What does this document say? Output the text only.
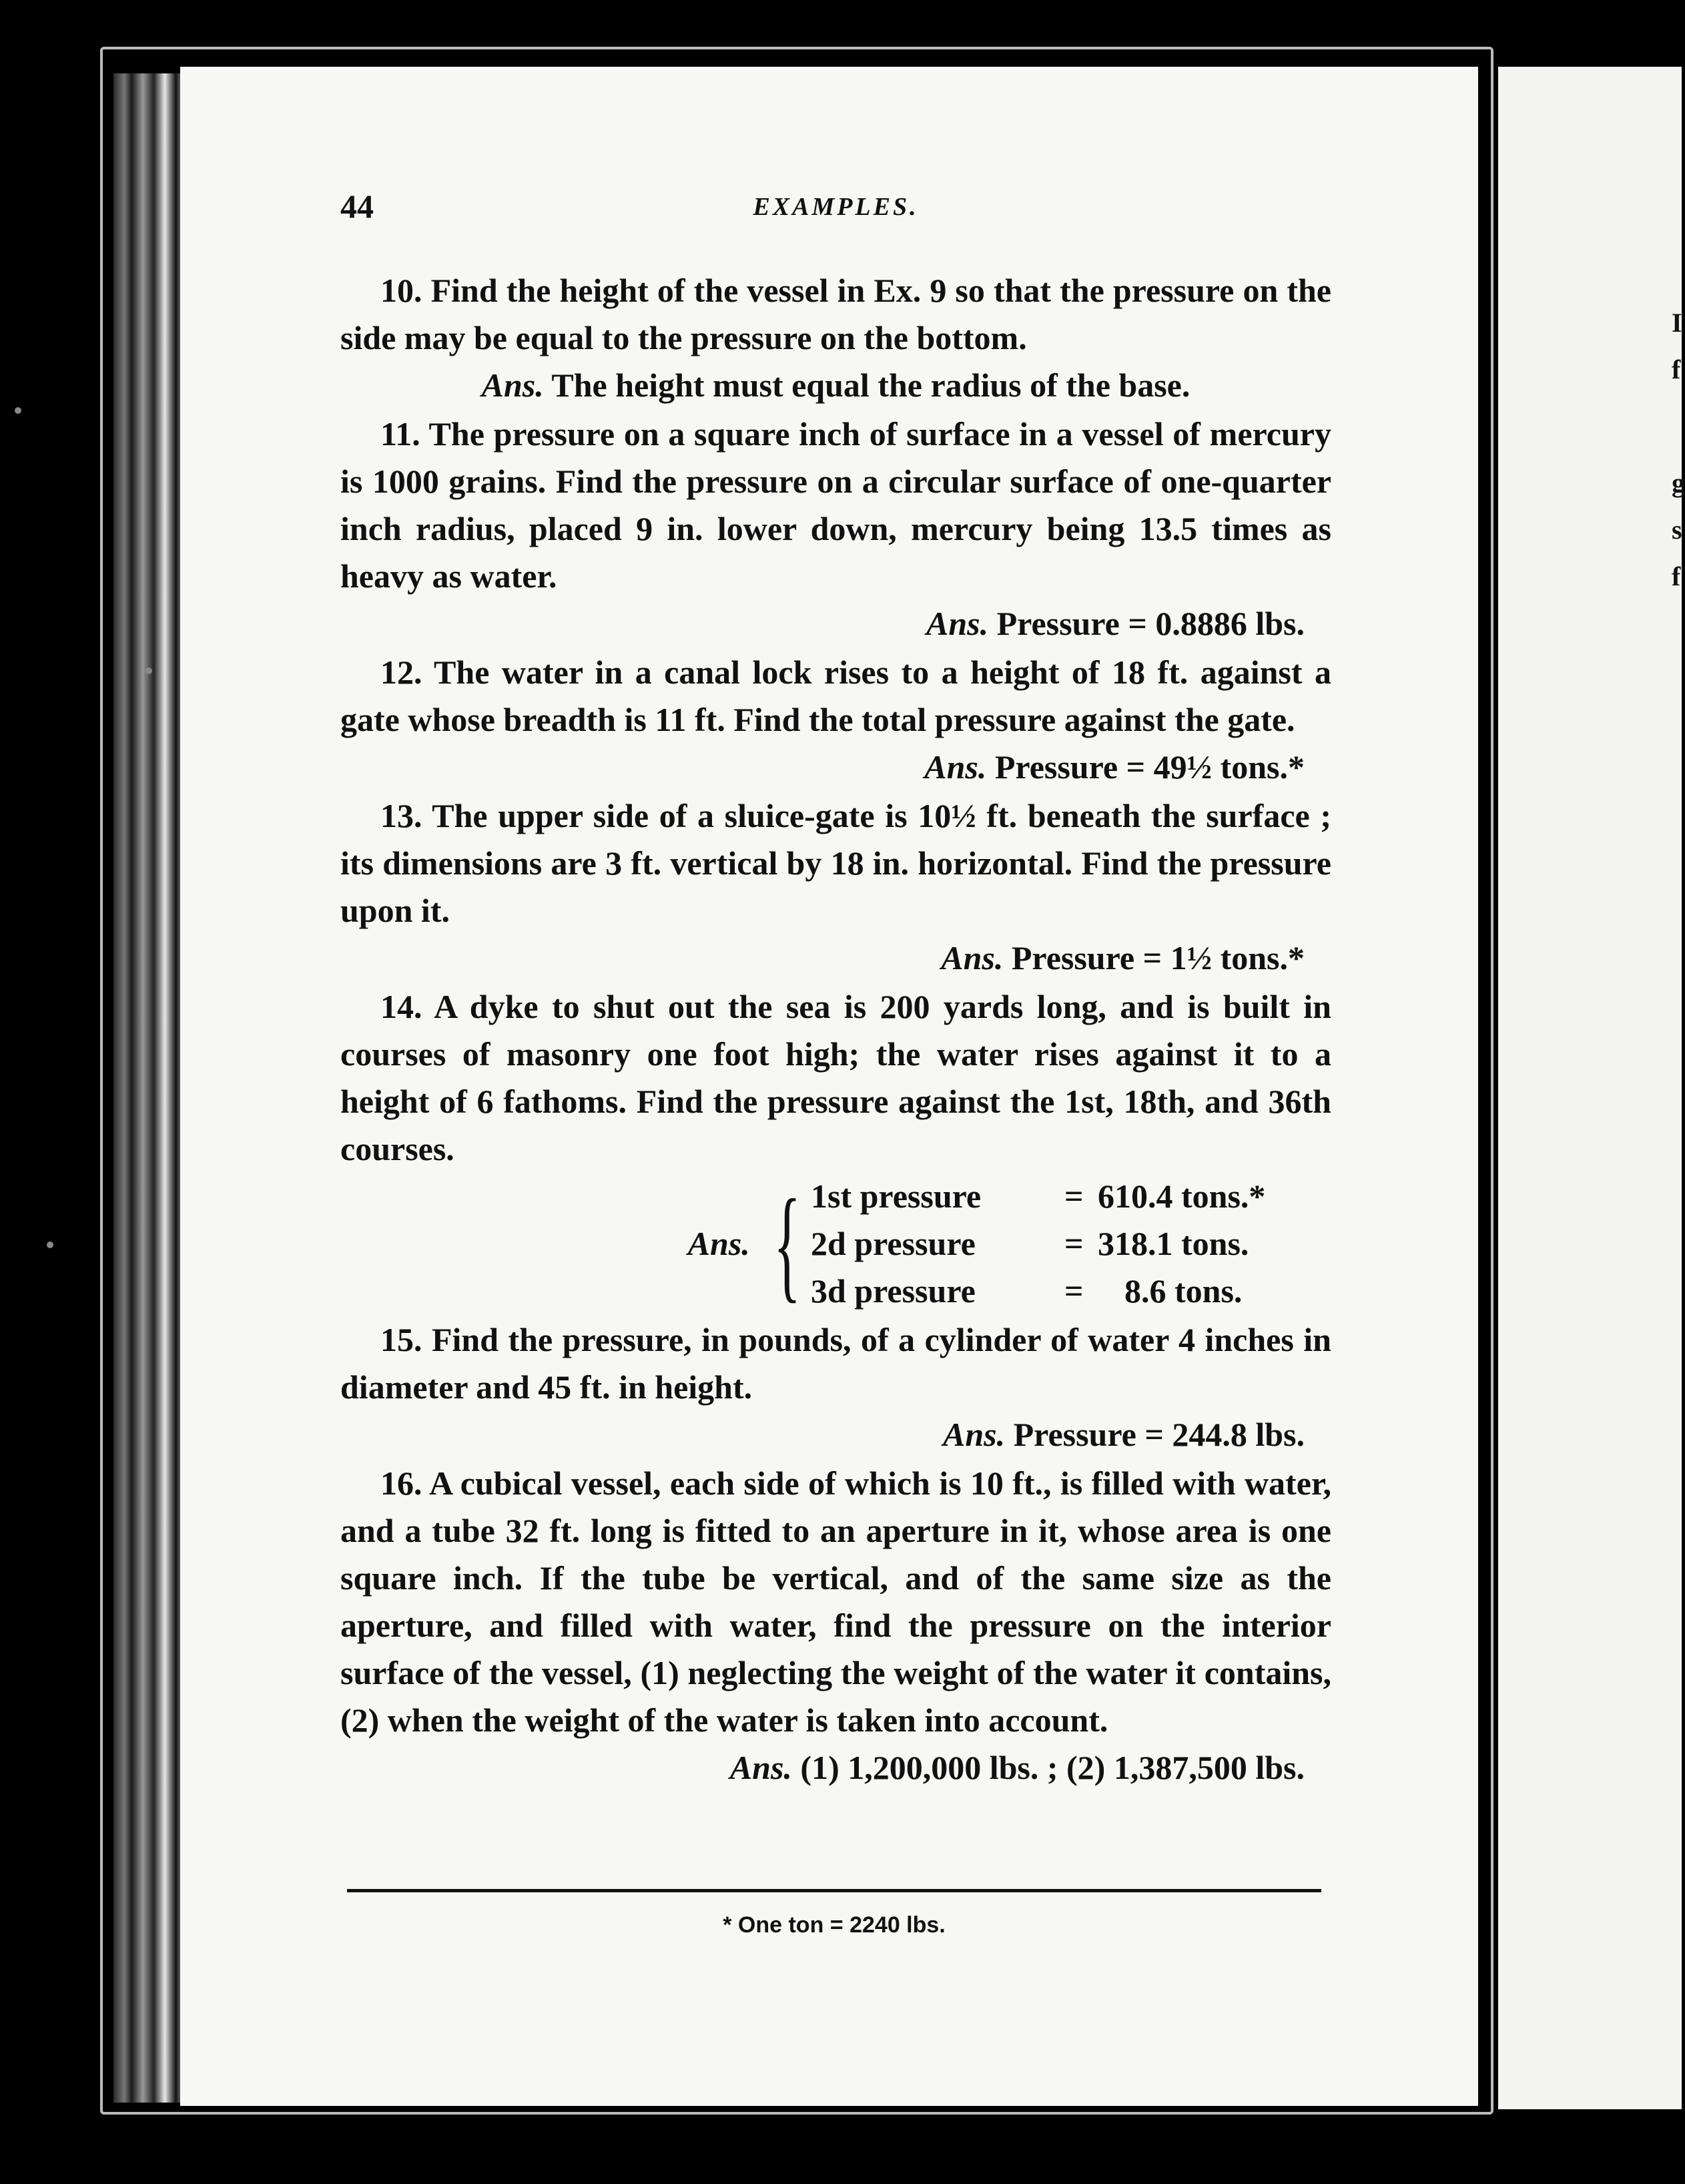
I
f
g
s
f
44	EXAMPLES.
10. Find the height of the vessel in Ex. 9 so that the pressure on the side may be equal to the pressure on the bottom.
Ans. The height must equal the radius of the base.
11. The pressure on a square inch of surface in a vessel of mercury is 1000 grains. Find the pressure on a circular surface of one-quarter inch radius, placed 9 in. lower down, mercury being 13.5 times as heavy as water.
Ans. Pressure = 0.8886 lbs.
12. The water in a canal lock rises to a height of 18 ft. against a gate whose breadth is 11 ft. Find the total pressure against the gate.
Ans. Pressure = 49½ tons.*
13. The upper side of a sluice-gate is 10½ ft. beneath the surface ; its dimensions are 3 ft. vertical by 18 in. horizontal. Find the pressure upon it.
Ans. Pressure = 1½ tons.*
14. A dyke to shut out the sea is 200 yards long, and is built in courses of masonry one foot high; the water rises against it to a height of 6 fathoms. Find the pressure against the 1st, 18th, and 36th courses.
Ans. { 1st pressure	= 610.4 tons.*
2d pressure	= 318.1 tons.
3d pressure	=	8.6 tons.
15. Find the pressure, in pounds, of a cylinder of water 4 inches in diameter and 45 ft. in height.
Ans. Pressure = 244.8 lbs.
16. A cubical vessel, each side of which is 10 ft., is filled with water, and a tube 32 ft. long is fitted to an aperture in it, whose area is one square inch. If the tube be vertical, and of the same size as the aperture, and filled with water, find the pressure on the interior surface of the vessel, (1) neglecting the weight of the water it contains, (2) when the weight of the water is taken into account.
Ans. (1) 1,200,000 lbs. ; (2) 1,387,500 lbs.
* One ton = 2240 lbs.
